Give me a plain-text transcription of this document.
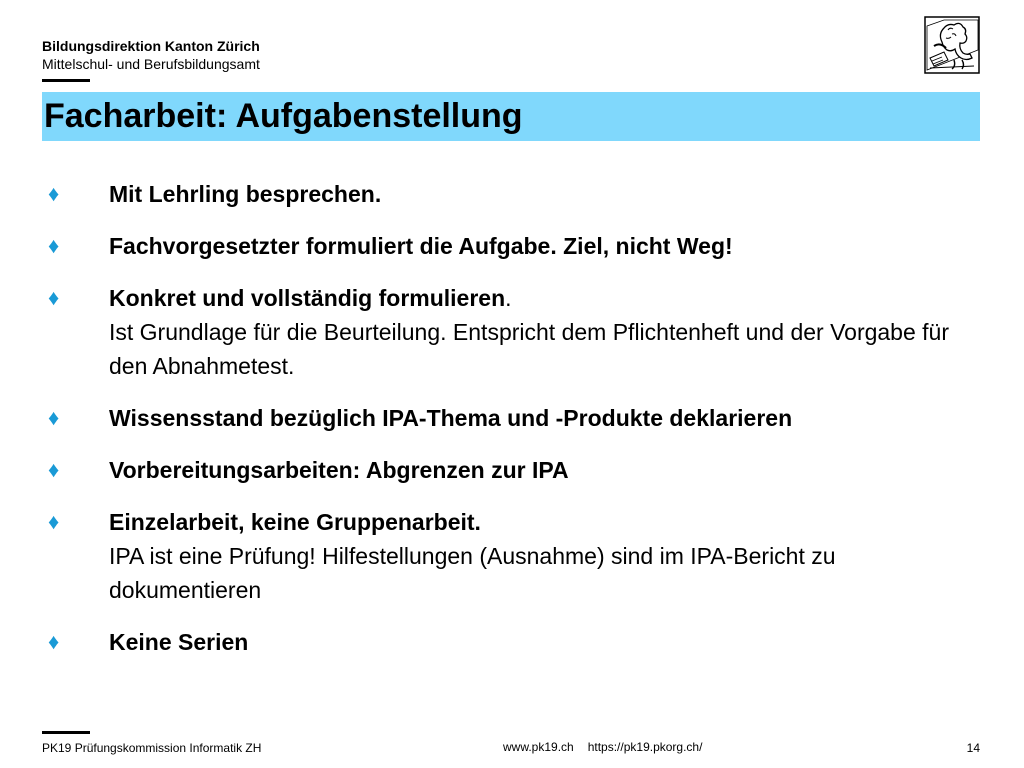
Bildungsdirektion Kanton Zürich
Mittelschul- und Berufsbildungsamt
Facharbeit: Aufgabenstellung
♦ Mit Lehrling besprechen.
♦ Fachvorgesetzter formuliert die Aufgabe. Ziel, nicht Weg!
♦ Konkret und vollständig formulieren.
Ist Grundlage für die Beurteilung. Entspricht dem Pflichtenheft und der Vorgabe für den Abnahmetest.
♦ Wissensstand bezüglich IPA-Thema und -Produkte deklarieren
♦ Vorbereitungsarbeiten: Abgrenzen zur IPA
♦ Einzelarbeit, keine Gruppenarbeit.
IPA ist eine Prüfung! Hilfestellungen (Ausnahme) sind im IPA-Bericht zu dokumentieren
♦ Keine Serien
PK19 Prüfungskommission Informatik ZH	www.pk19.ch https://pk19.pkorg.ch/	14
